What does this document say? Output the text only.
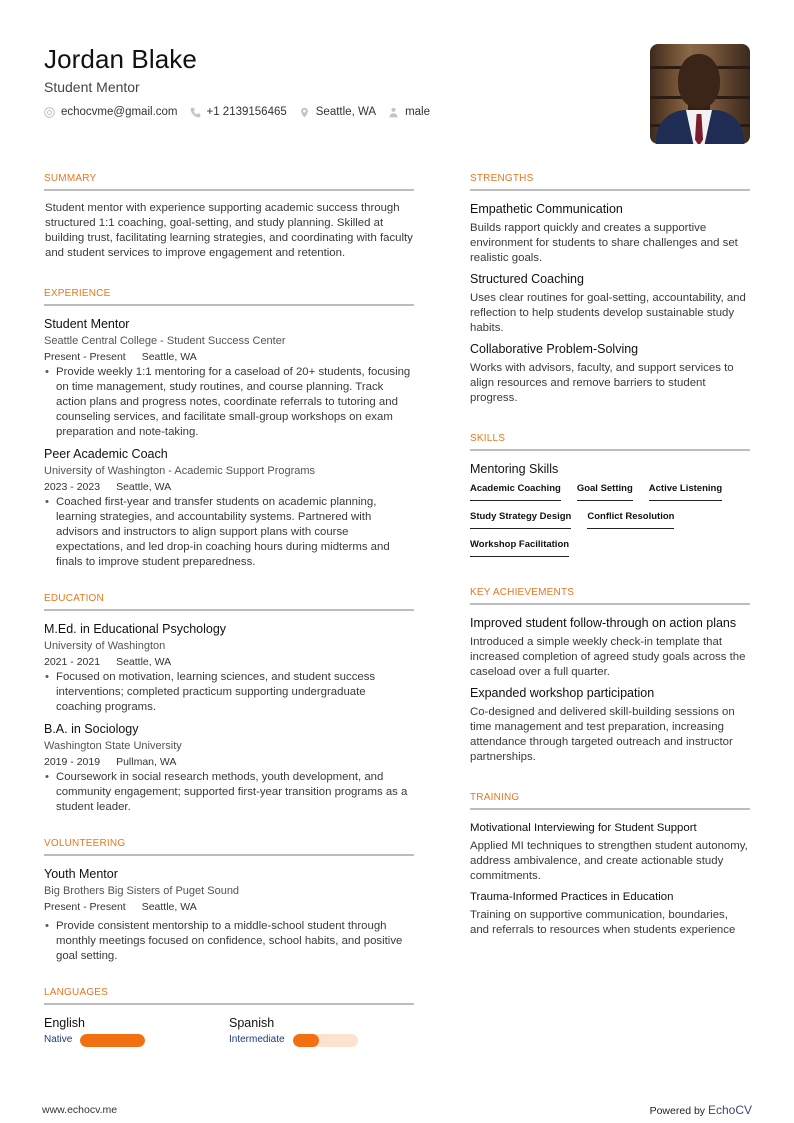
Jordan Blake
Student Mentor
echocvme@gmail.com	+1 2139156465	Seattle, WA	male
SUMMARY
Student mentor with experience supporting academic success through structured 1:1 coaching, goal-setting, and study planning. Skilled at building trust, facilitating learning strategies, and coordinating with faculty and student services to improve engagement and retention.
EXPERIENCE
Student Mentor
Seattle Central College - Student Success Center
Present - Present Seattle, WA
• Provide weekly 1:1 mentoring for a caseload of 20+ students, focusing on time management, study routines, and course planning. Track action plans and progress notes, coordinate referrals to tutoring and counseling services, and facilitate small-group workshops on exam preparation and note-taking.
Peer Academic Coach
University of Washington - Academic Support Programs
2023 - 2023 Seattle, WA
• Coached first-year and transfer students on academic planning, learning strategies, and accountability systems. Partnered with advisors and instructors to align support plans with course expectations, and led drop-in coaching hours during midterms and finals to improve student preparedness.
EDUCATION
M.Ed. in Educational Psychology
University of Washington
2021 - 2021 Seattle, WA
• Focused on motivation, learning sciences, and student success interventions; completed practicum supporting undergraduate coaching programs.
B.A. in Sociology
Washington State University
2019 - 2019 Pullman, WA
• Coursework in social research methods, youth development, and community engagement; supported first-year transition programs as a student leader.
VOLUNTEERING
Youth Mentor
Big Brothers Big Sisters of Puget Sound
Present - Present Seattle, WA
• Provide consistent mentorship to a middle-school student through monthly meetings focused on confidence, school habits, and positive goal setting.
LANGUAGES
English
Native
Spanish
Intermediate
STRENGTHS
Empathetic Communication
Builds rapport quickly and creates a supportive environment for students to share challenges and set realistic goals.
Structured Coaching
Uses clear routines for goal-setting, accountability, and reflection to help students develop sustainable study habits.
Collaborative Problem-Solving
Works with advisors, faculty, and support services to align resources and remove barriers to student progress.
SKILLS
Mentoring Skills
Academic Coaching Goal Setting Active Listening
Study Strategy Design Conflict Resolution
Workshop Facilitation
KEY ACHIEVEMENTS
Improved student follow-through on action plans
Introduced a simple weekly check-in template that increased completion of agreed study goals across the caseload over a full quarter.
Expanded workshop participation
Co-designed and delivered skill-building sessions on time management and test preparation, increasing attendance through targeted outreach and instructor partnerships.
TRAINING
Motivational Interviewing for Student Support
Applied MI techniques to strengthen student autonomy, address ambivalence, and create actionable study commitments.
Trauma-Informed Practices in Education
Training on supportive communication, boundaries, and referrals to resources when students experience
www.echocv.me	Powered by EchoCV
